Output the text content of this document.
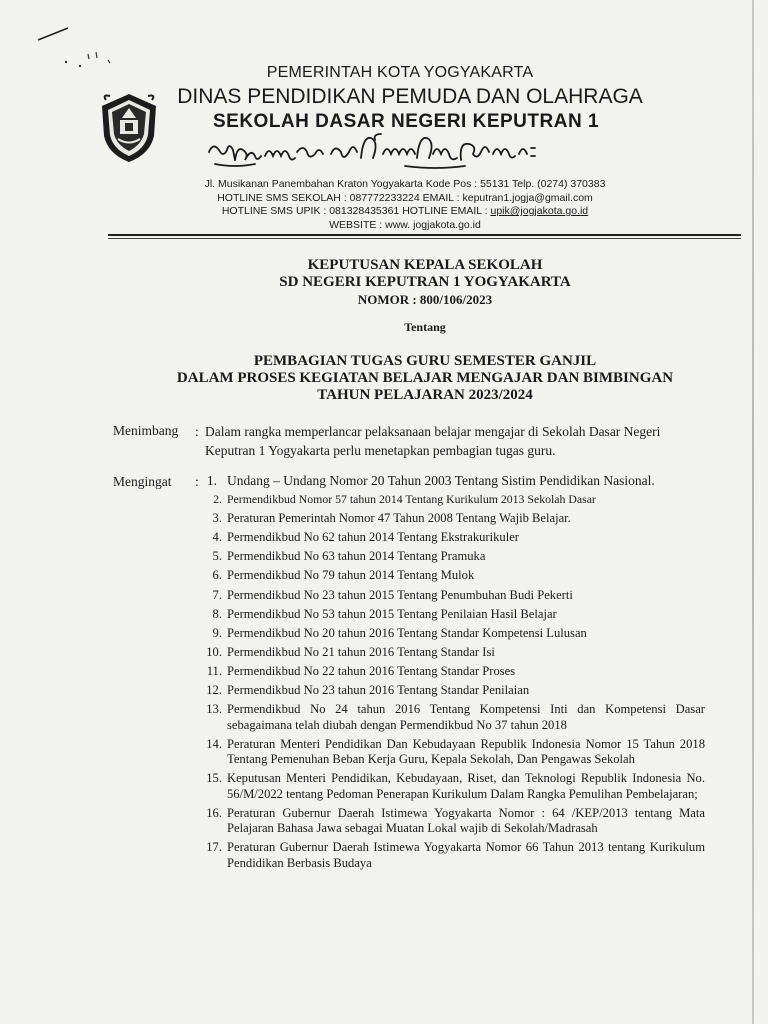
PEMERINTAH KOTA YOGYAKARTA
DINAS PENDIDIKAN PEMUDA DAN OLAHRAGA
SEKOLAH DASAR NEGERI KEPUTRAN 1
Jl. Musikanan Panembahan Kraton Yogyakarta Kode Pos : 55131 Telp. (0274) 370383
HOTLINE SMS SEKOLAH : 087772233224 EMAIL : keputran1.jogja@gmail.com
HOTLINE SMS UPIK : 081328435361 HOTLINE EMAIL : upik@jogjakota.go.id
WEBSITE : www. jogjakota.go.id
KEPUTUSAN KEPALA SEKOLAH
SD NEGERI KEPUTRAN 1 YOGYAKARTA
NOMOR : 800/106/2023
Tentang
PEMBAGIAN TUGAS GURU SEMESTER GANJIL
DALAM PROSES KEGIATAN BELAJAR MENGAJAR DAN BIMBINGAN
TAHUN PELAJARAN 2023/2024
Menimbang : Dalam rangka memperlancar pelaksanaan belajar mengajar di Sekolah Dasar Negeri
Keputran 1 Yogyakarta perlu menetapkan pembagian tugas guru.
Mengingat : 1. Undang – Undang Nomor 20 Tahun 2003 Tentang Sistim Pendidikan Nasional.
2. Permendikbud Nomor 57 tahun 2014 Tentang Kurikulum 2013 Sekolah Dasar
3. Peraturan Pemerintah Nomor 47 Tahun 2008 Tentang Wajib Belajar.
4. Permendikbud No 62 tahun 2014 Tentang Ekstrakurikuler
5. Permendikbud No 63 tahun 2014 Tentang Pramuka
6. Permendikbud No 79 tahun 2014 Tentang Mulok
7. Permendikbud No 23 tahun 2015 Tentang Penumbuhan Budi Pekerti
8. Permendikbud No 53 tahun 2015 Tentang Penilaian Hasil Belajar
9. Permendikbud No 20 tahun 2016 Tentang Standar Kompetensi Lulusan
10. Permendikbud No 21 tahun 2016 Tentang Standar Isi
11. Permendikbud No 22 tahun 2016 Tentang Standar Proses
12. Permendikbud No 23 tahun 2016 Tentang Standar Penilaian
13. Permendikbud No 24 tahun 2016 Tentang Kompetensi Inti dan Kompetensi Dasar sebagaimana telah diubah dengan Permendikbud No 37 tahun 2018
14. Peraturan Menteri Pendidikan Dan Kebudayaan Republik Indonesia Nomor 15 Tahun 2018 Tentang Pemenuhan Beban Kerja Guru, Kepala Sekolah, Dan Pengawas Sekolah
15. Keputusan Menteri Pendidikan, Kebudayaan, Riset, dan Teknologi Republik Indonesia No. 56/M/2022 tentang Pedoman Penerapan Kurikulum Dalam Rangka Pemulihan Pembelajaran;
16. Peraturan Gubernur Daerah Istimewa Yogyakarta Nomor : 64 /KEP/2013 tentang Mata Pelajaran Bahasa Jawa sebagai Muatan Lokal wajib di Sekolah/Madrasah
17. Peraturan Gubernur Daerah Istimewa Yogyakarta Nomor 66 Tahun 2013 tentang Kurikulum Pendidikan Berbasis Budaya
